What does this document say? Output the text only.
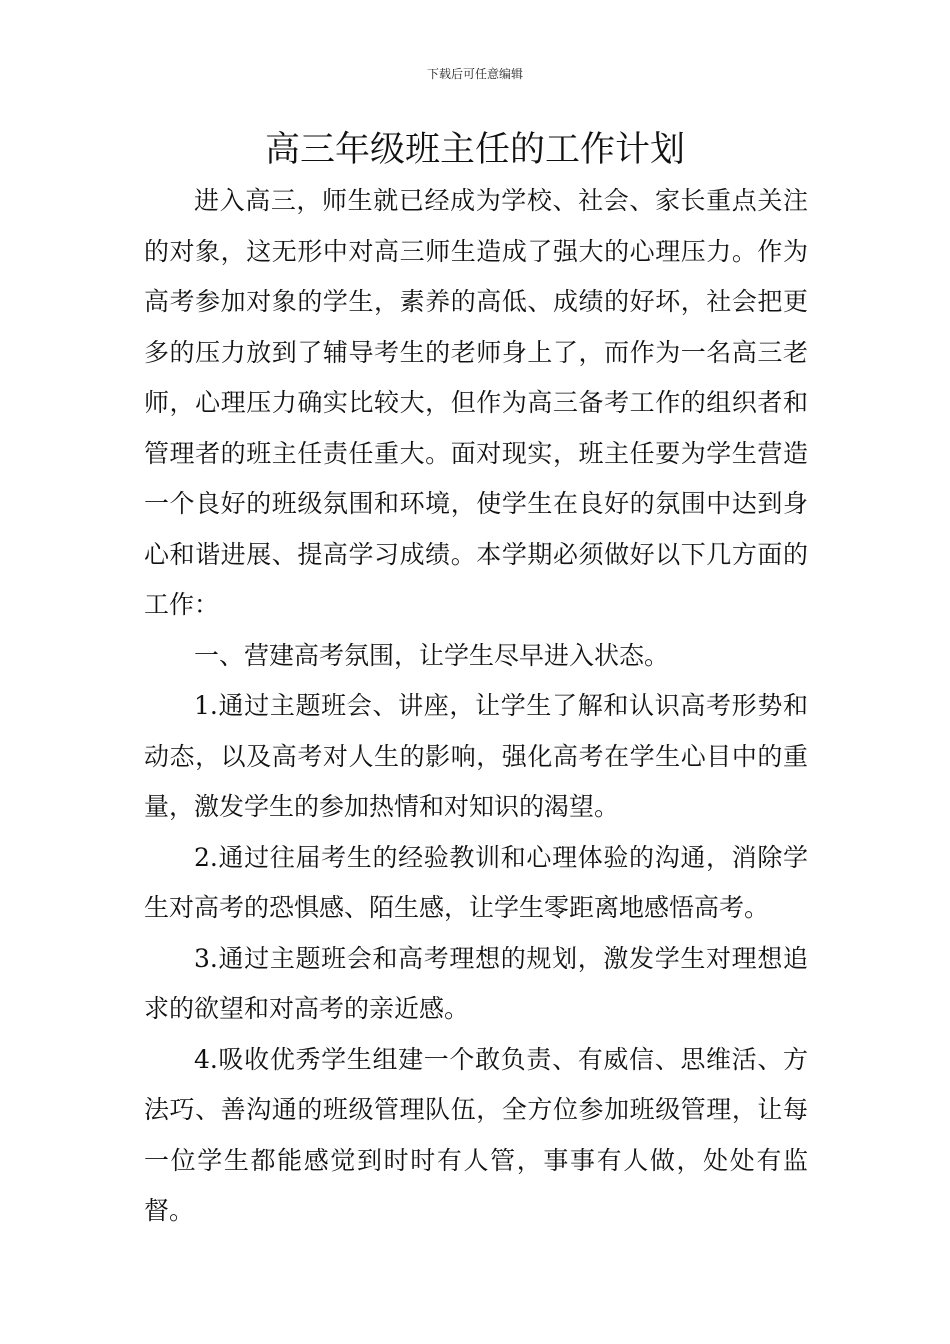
下载后可任意编辑
高三年级班主任的工作计划

进入高三，师生就已经成为学校、社会、家长重点关注的对象，这无形中对高三师生造成了强大的心理压力。作为高考参加对象的学生，素养的高低、成绩的好坏，社会把更多的压力放到了辅导考生的老师身上了，而作为一名高三老师，心理压力确实比较大，但作为高三备考工作的组织者和管理者的班主任责任重大。面对现实，班主任要为学生营造一个良好的班级氛围和环境，使学生在良好的氛围中达到身心和谐进展、提高学习成绩。本学期必须做好以下几方面的工作：

一、营建高考氛围，让学生尽早进入状态。

1.通过主题班会、讲座，让学生了解和认识高考形势和动态，以及高考对人生的影响，强化高考在学生心目中的重量，激发学生的参加热情和对知识的渴望。

2.通过往届考生的经验教训和心理体验的沟通，消除学生对高考的恐惧感、陌生感，让学生零距离地感悟高考。

3.通过主题班会和高考理想的规划，激发学生对理想追求的欲望和对高考的亲近感。

4.吸收优秀学生组建一个敢负责、有威信、思维活、方法巧、善沟通的班级管理队伍，全方位参加班级管理，让每一位学生都能感觉到时时有人管，事事有人做，处处有监督。
